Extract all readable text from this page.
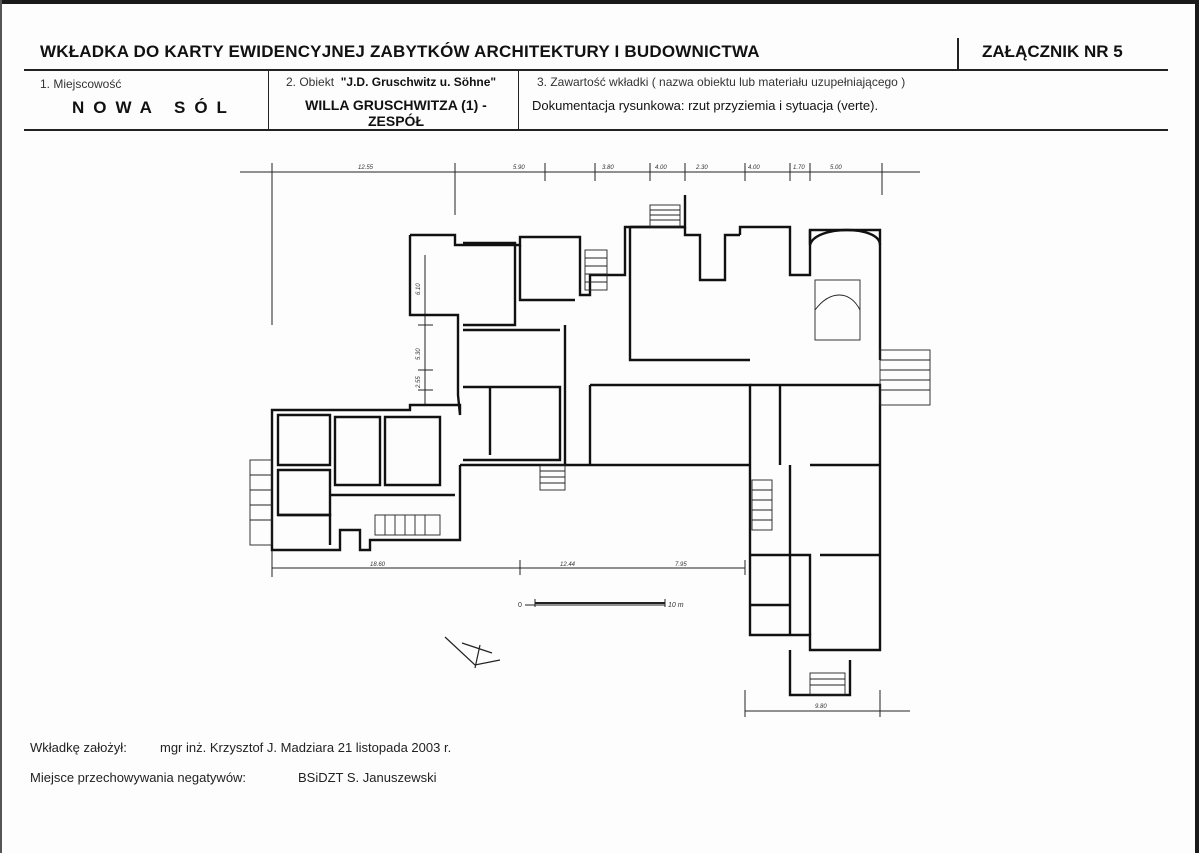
WKŁADKA DO KARTY EWIDENCYJNEJ ZABYTKÓW ARCHITEKTURY I BUDOWNICTWA	ZAŁĄCZNIK NR 5
1. Miejscowość
NOWA SÓL
2. Obiekt "J.D. Gruschwitz u. Söhne"
WILLA GRUSCHWITZA (1) -
ZESPÓŁ
3. Zawartość wkładki ( nazwa obiektu lub materiału uzupełniającego )
Dokumentacja rysunkowa: rzut przyziemia i sytuacja (verte).
12.55	5.90	3.80	4.00	2.30	4.00	1.70	5.00
6.10
5.30
2.55
18.60	12.44	7.95
9.80
0	10 m
Wkładkę założył:	mgr inż. Krzysztof J. Madziara 21 listopada 2003 r.
Miejsce przechowywania negatywów:	BSiDZT S. Januszewski
